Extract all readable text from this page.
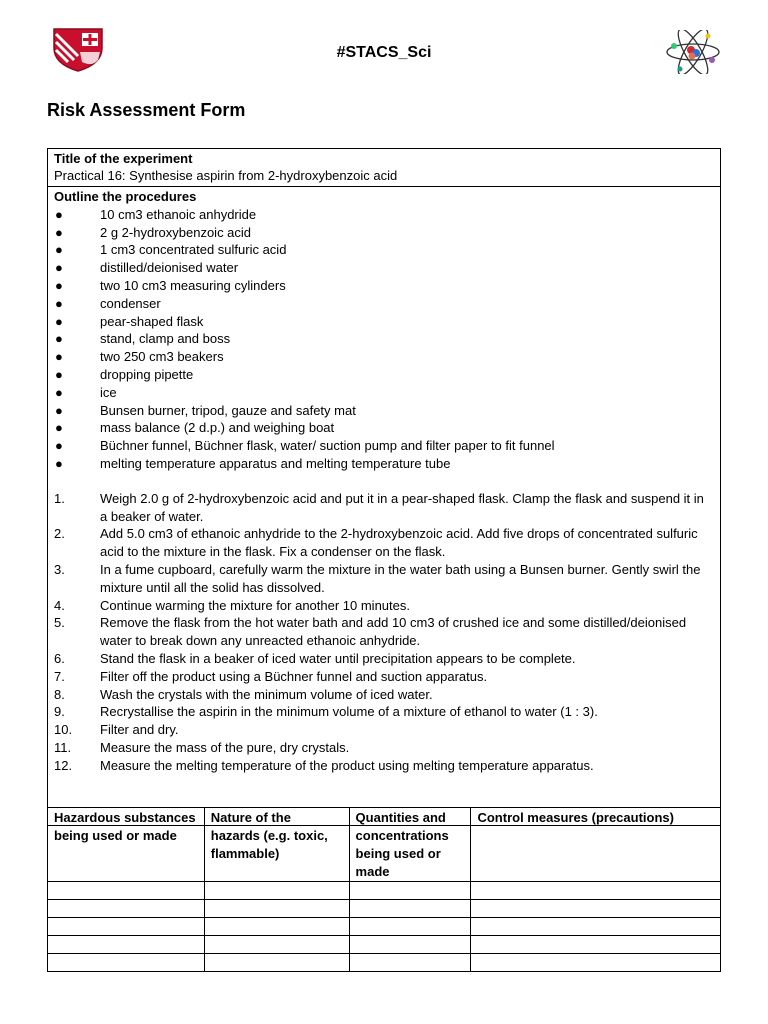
#STACS_Sci
Risk Assessment Form
Title of the experiment
Practical 16: Synthesise aspirin from 2-hydroxybenzoic acid
Outline the procedures
●	10 cm3 ethanoic anhydride
●	2 g 2-hydroxybenzoic acid
●	1 cm3 concentrated sulfuric acid
●	distilled/deionised water
●	two 10 cm3 measuring cylinders
●	condenser
●	pear-shaped flask
●	stand, clamp and boss
●	two 250 cm3 beakers
●	dropping pipette
●	ice
●	Bunsen burner, tripod, gauze and safety mat
●	mass balance (2 d.p.) and weighing boat
●	Büchner funnel, Büchner flask, water/ suction pump and filter paper to fit funnel
●	melting temperature apparatus and melting temperature tube
1.	Weigh 2.0 g of 2-hydroxybenzoic acid and put it in a pear-shaped flask. Clamp the flask and suspend it in a beaker of water.
2.	Add 5.0 cm3 of ethanoic anhydride to the 2-hydroxybenzoic acid. Add five drops of concentrated sulfuric acid to the mixture in the flask. Fix a condenser on the flask.
3.	In a fume cupboard, carefully warm the mixture in the water bath using a Bunsen burner. Gently swirl the mixture until all the solid has dissolved.
4.	Continue warming the mixture for another 10 minutes.
5.	Remove the flask from the hot water bath and add 10 cm3 of crushed ice and some distilled/deionised water to break down any unreacted ethanoic anhydride.
6.	Stand the flask in a beaker of iced water until precipitation appears to be complete.
7.	Filter off the product using a Büchner funnel and suction apparatus.
8.	Wash the crystals with the minimum volume of iced water.
9.	Recrystallise the aspirin in the minimum volume of a mixture of ethanol to water (1 : 3).
10. Filter and dry.
11. Measure the mass of the pure, dry crystals.
12. Measure the melting temperature of the product using melting temperature apparatus.
Hazardous substances being used or made	Nature of the hazards (e.g. toxic, flammable)	Quantities and concentrations being used or made	Control measures (precautions)
